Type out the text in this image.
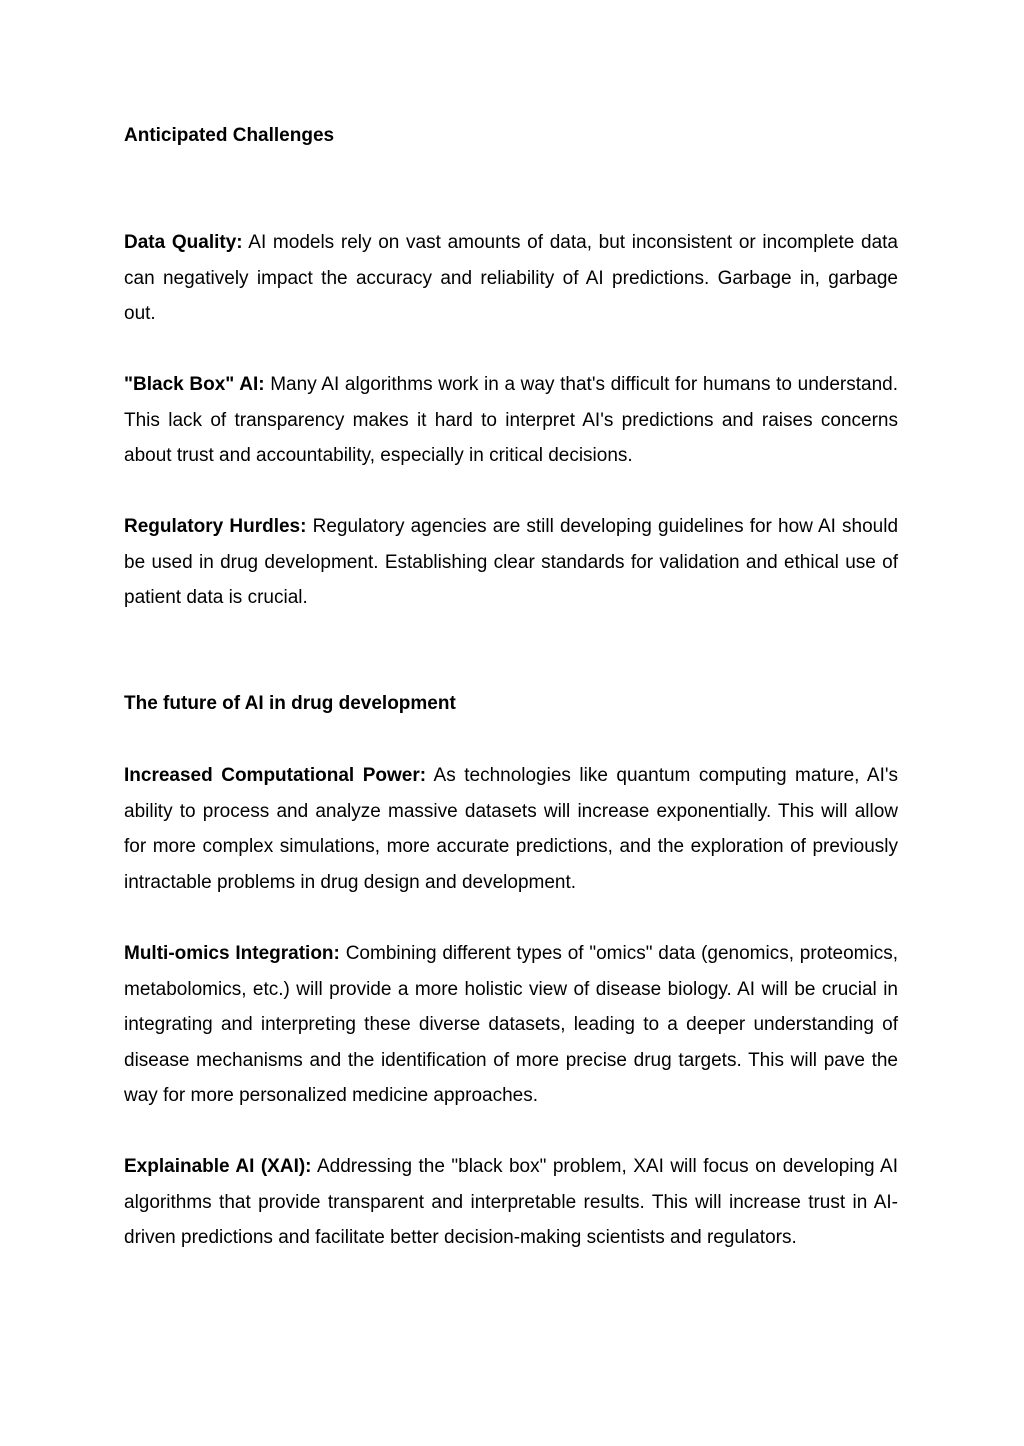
Anticipated Challenges

Data Quality: AI models rely on vast amounts of data, but inconsistent or incomplete data can negatively impact the accuracy and reliability of AI predictions. Garbage in, garbage out.

"Black Box" AI: Many AI algorithms work in a way that's difficult for humans to understand. This lack of transparency makes it hard to interpret AI's predictions and raises concerns about trust and accountability, especially in critical decisions.

Regulatory Hurdles: Regulatory agencies are still developing guidelines for how AI should be used in drug development. Establishing clear standards for validation and ethical use of patient data is crucial.

The future of AI in drug development

Increased Computational Power: As technologies like quantum computing mature, AI's ability to process and analyze massive datasets will increase exponentially. This will allow for more complex simulations, more accurate predictions, and the exploration of previously intractable problems in drug design and development.

Multi-omics Integration: Combining different types of "omics" data (genomics, proteomics, metabolomics, etc.) will provide a more holistic view of disease biology. AI will be crucial in integrating and interpreting these diverse datasets, leading to a deeper understanding of disease mechanisms and the identification of more precise drug targets. This will pave the way for more personalized medicine approaches.

Explainable AI (XAI): Addressing the "black box" problem, XAI will focus on developing AI algorithms that provide transparent and interpretable results. This will increase trust in AI-driven predictions and facilitate better decision-making scientists and regulators.
